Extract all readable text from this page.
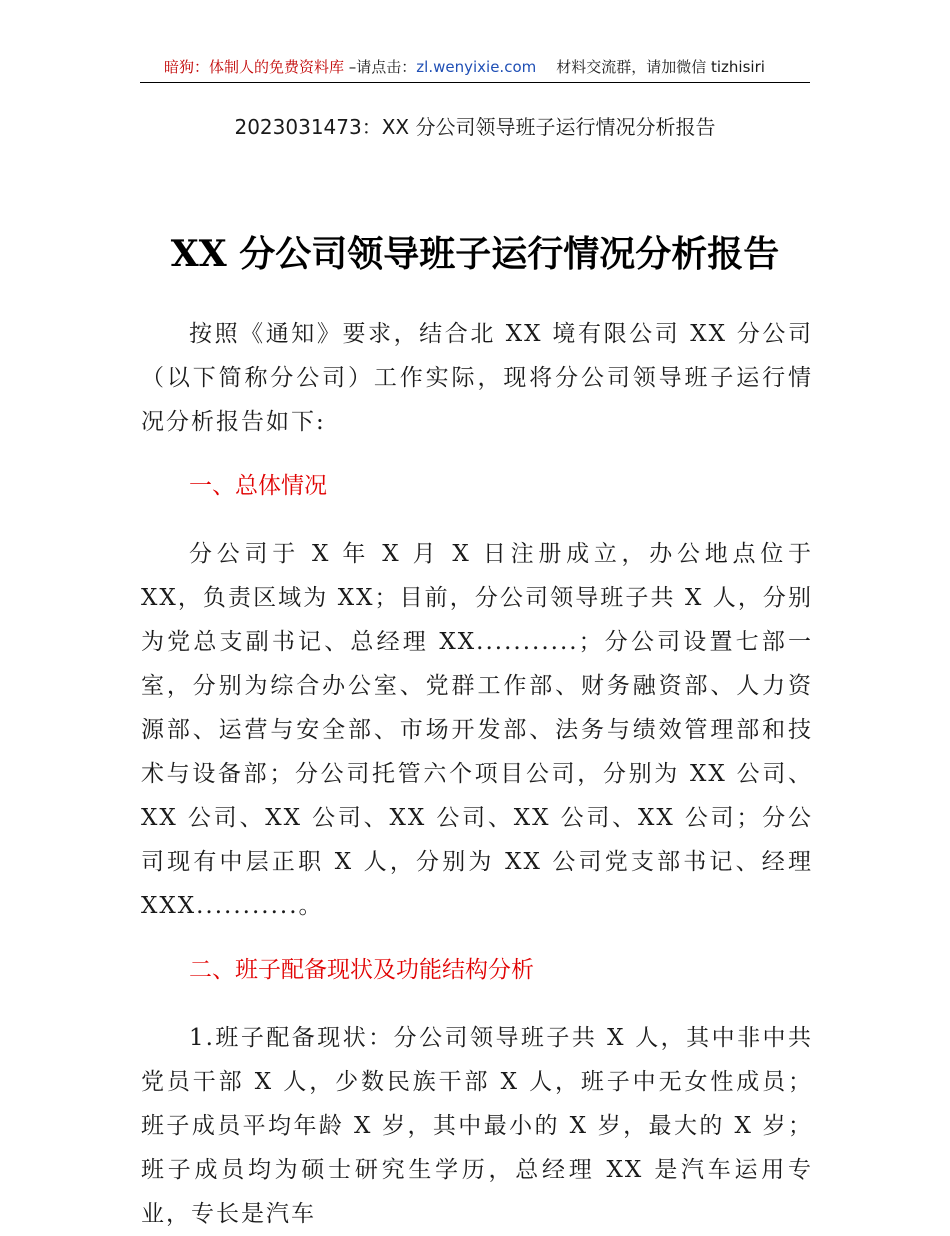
暗狗：体制人的免费资料库 –请点击：zl.wenyixie.com 材料交流群，请加微信 tizhisiri
2023031473：XX 分公司领导班子运行情况分析报告
XX 分公司领导班子运行情况分析报告

按照《通知》要求，结合北 XX 境有限公司 XX 分公司（以下简称分公司）工作实际，现将分公司领导班子运行情况分析报告如下:

一、总体情况

分公司于 X 年 X 月 X 日注册成立，办公地点位于 XX，负责区域为 XX；目前，分公司领导班子共 X 人，分别为党总支副书记、总经理 XX...........；分公司设置七部一室，分别为综合办公室、党群工作部、财务融资部、人力资源部、运营与安全部、市场开发部、法务与绩效管理部和技术与设备部；分公司托管六个项目公司，分别为 XX 公司、XX 公司、XX 公司、XX 公司、XX 公司、XX 公司；分公司现有中层正职 X 人，分别为 XX 公司党支部书记、经理 XXX...........。

二、班子配备现状及功能结构分析

1.班子配备现状：分公司领导班子共 X 人，其中非中共党员干部 X 人，少数民族干部 X 人，班子中无女性成员；班子成员平均年龄 X 岁，其中最小的 X 岁，最大的 X 岁；班子成员均为硕士研究生学历，总经理 XX 是汽车运用专业，专长是汽车
